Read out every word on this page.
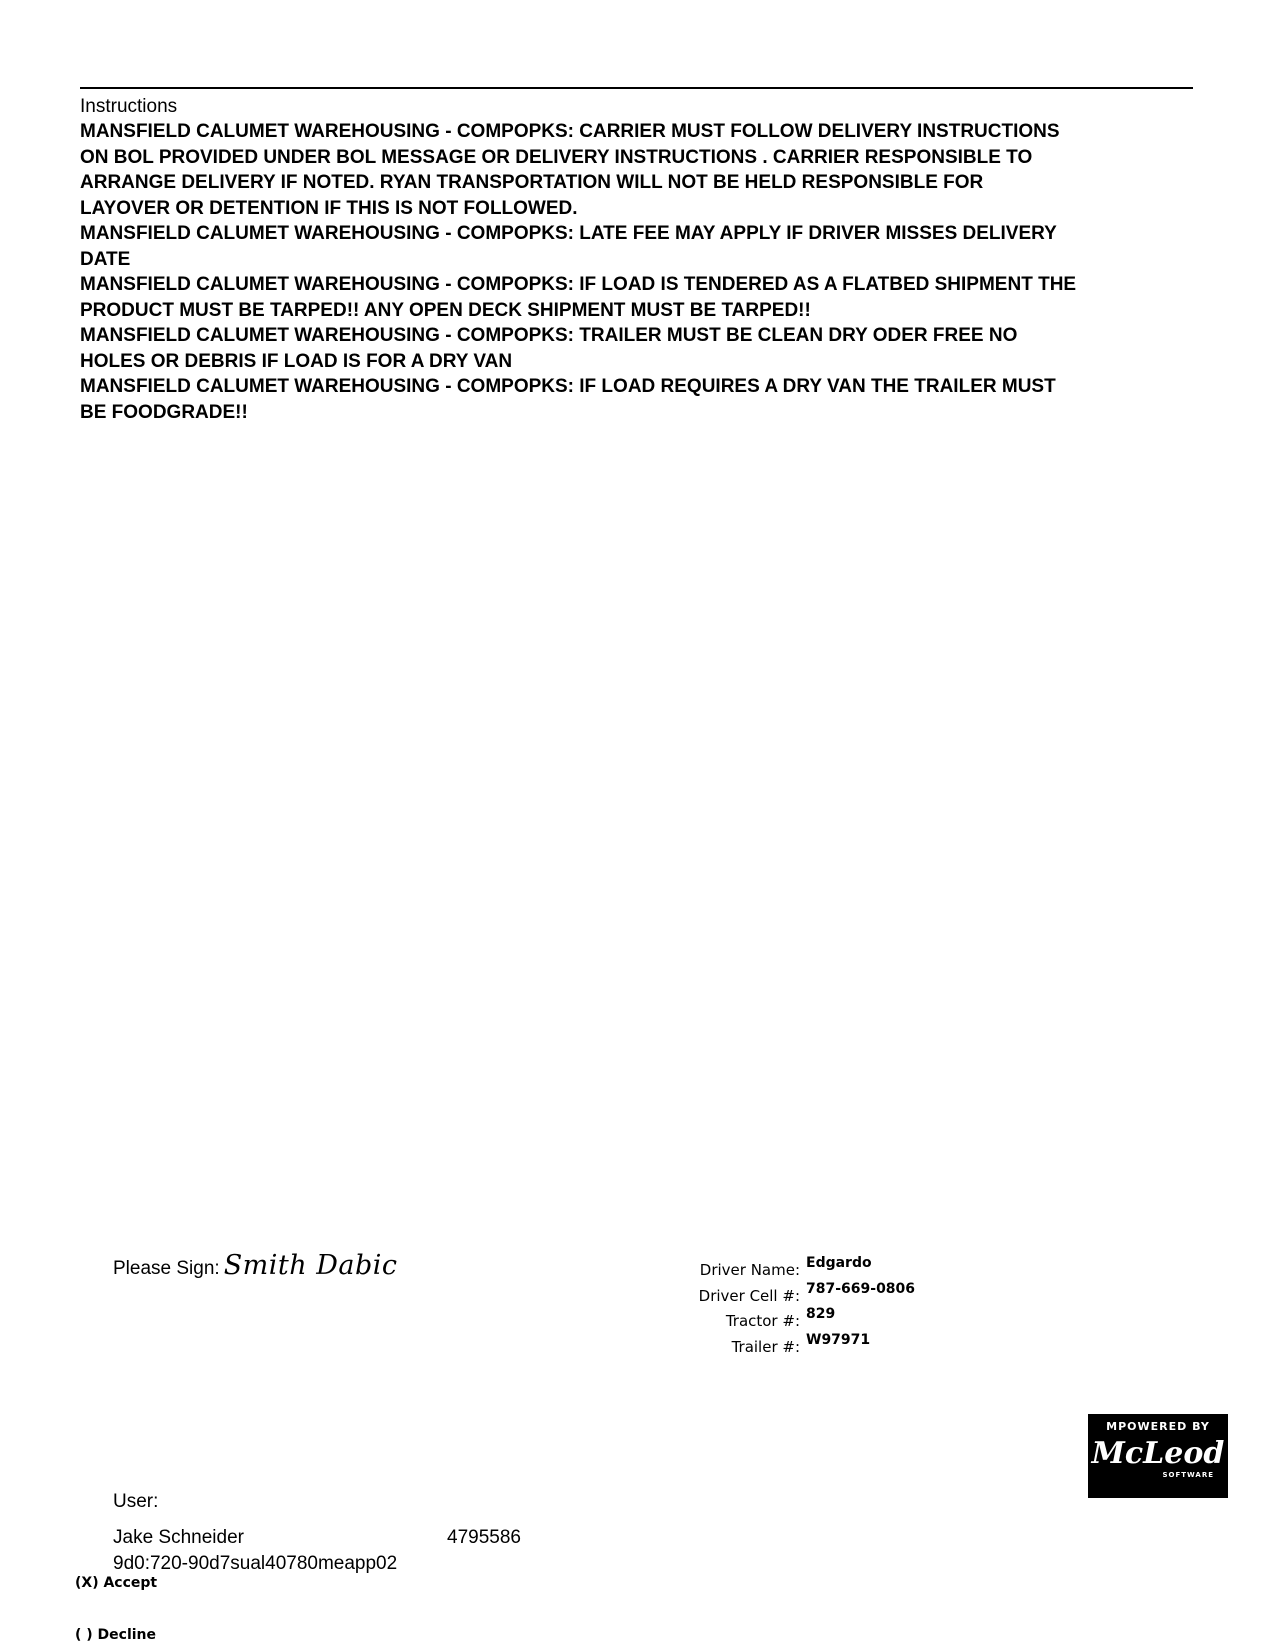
Instructions

MANSFIELD CALUMET WAREHOUSING - COMPOPKS: CARRIER MUST FOLLOW DELIVERY INSTRUCTIONS

ON BOL PROVIDED UNDER BOL MESSAGE OR DELIVERY INSTRUCTIONS . CARRIER RESPONSIBLE TO

ARRANGE DELIVERY IF NOTED. RYAN TRANSPORTATION WILL NOT BE HELD RESPONSIBLE FOR

LAYOVER OR DETENTION IF THIS IS NOT FOLLOWED.

MANSFIELD CALUMET WAREHOUSING - COMPOPKS: LATE FEE MAY APPLY IF DRIVER MISSES DELIVERY

DATE

MANSFIELD CALUMET WAREHOUSING - COMPOPKS: IF LOAD IS TENDERED AS A FLATBED SHIPMENT THE

PRODUCT MUST BE TARPED!! ANY OPEN DECK SHIPMENT MUST BE TARPED!!

MANSFIELD CALUMET WAREHOUSING - COMPOPKS: TRAILER MUST BE CLEAN DRY ODER FREE NO

HOLES OR DEBRIS IF LOAD IS FOR A DRY VAN

MANSFIELD CALUMET WAREHOUSING - COMPOPKS: IF LOAD REQUIRES A DRY VAN THE TRAILER MUST

BE FOODGRADE!!

Please Sign: Smith Dabic	Driver Name: Edgardo
Driver Cell #: 787-669-0806
Tractor #: 829
Trailer #: W97971
MPOWERED BY
McLeod
SOFTWARE
User:
Jake Schneider	4795586
9d0:720-90d7sual40780meapp02
(X) Accept
( ) Decline
